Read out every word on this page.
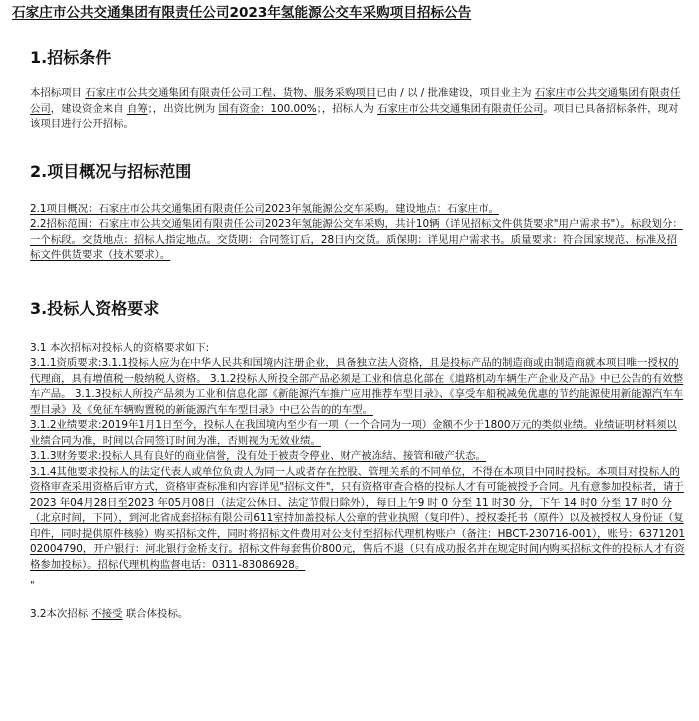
石家庄市公共交通集团有限责任公司2023年氢能源公交车采购项目招标公告
1.招标条件

本招标项目 石家庄市公共交通集团有限责任公司工程、货物、服务采购项目已由 / 以 / 批准建设，项目业主为 石家庄市公共交通集团有限责任公司，建设资金来自 自筹；，出资比例为 国有资金：100.00%；，招标人为 石家庄市公共交通集团有限责任公司。项目已具备招标条件，现对该项目进行公开招标。

2.项目概况与招标范围

2.1项目概况：石家庄市公共交通集团有限责任公司2023年氢能源公交车采购。建设地点：石家庄市。

2.2招标范围：石家庄市公共交通集团有限责任公司2023年氢能源公交车采购，共计10辆（详见招标文件供货要求"用户需求书"）。标段划分：一个标段。交货地点：招标人指定地点。交货期：合同签订后，28日内交货。质保期：详见用户需求书。质量要求：符合国家规范、标准及招标文件供货要求（技术要求）。

3.投标人资格要求

3.1 本次招标对投标人的资格要求如下:

3.1.1资质要求:3.1.1投标人应为在中华人民共和国境内注册企业，具备独立法人资格，且是投标产品的制造商或由制造商就本项目唯一授权的代理商，具有增值税一般纳税人资格。 3.1.2投标人所投全部产品必须是工业和信息化部在《道路机动车辆生产企业及产品》中已公告的有效整车产品。 3.1.3投标人所投产品须为工业和信息化部《新能源汽车推广应用推荐车型目录》、《享受车船税减免优惠的节约能源使用新能源汽车车型目录》及《免征车辆购置税的新能源汽车车型目录》中已公告的的车型。

3.1.2业绩要求:2019年1月1日至今，投标人在我国境内至少有一项（一个合同为一项）金额不少于1800万元的类似业绩。业绩证明材料须以业绩合同为准，时间以合同签订时间为准，否则视为无效业绩。

3.1.3财务要求:投标人具有良好的商业信誉，没有处于被责令停业、财产被冻结、接管和破产状态。

3.1.4其他要求投标人的法定代表人或单位负责人为同一人或者存在控股、管理关系的不同单位，不得在本项目中同时投标。本项目对投标人的资格审查采用资格后审方式，资格审查标准和内容详见"招标文件"，只有资格审查合格的投标人才有可能被授予合同。凡有意参加投标者，请于 2023 年04月28日至2023 年05月08日（法定公休日、法定节假日除外），每日上午9 时 0 分至 11 时30 分，下午 14 时0 分至 17 时0 分（北京时间，下同），到河北省成套招标有限公司611室持加盖投标人公章的营业执照（复印件）、授权委托书（原件）以及被授权人身份证（复印件，同时提供原件核验）购买招标文件，同时将招标文件费用对公支付至招标代理机构账户（备注：HBCT-230716-001），账号：637120102004790，开户银行：河北银行金桥支行。招标文件每套售价800元，售后不退（只有成功报名并在规定时间内购买招标文件的投标人才有资格参加投标）。招标代理机构监督电话：0311-83086928。

"

3.2本次招标 不接受 联合体投标。
